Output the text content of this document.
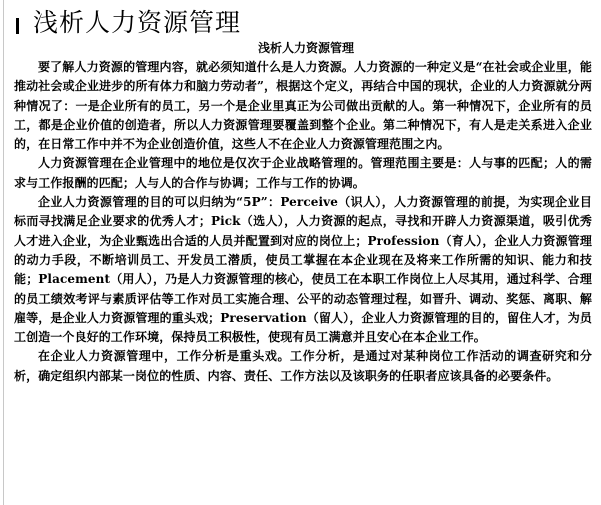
浅析人力资源管理
浅析人力资源管理

要了解人力资源的管理内容，就必须知道什么是人力资源。人力资源的一种定义是“在社会或企业里，能推动社会或企业进步的所有体力和脑力劳动者”，根据这个定义，再结合中国的现状，企业的人力资源就分两种情况了：一是企业所有的员工，另一个是企业里真正为公司做出贡献的人。第一种情况下，企业所有的员工，都是企业价值的创造者，所以人力资源管理要覆盖到整个企业。第二种情况下，有人是走关系进入企业的，在日常工作中并不为企业创造价值，这些人不在企业人力资源管理范围之内。

人力资源管理在企业管理中的地位是仅次于企业战略管理的。管理范围主要是：人与事的匹配；人的需求与工作报酬的匹配；人与人的合作与协调；工作与工作的协调。

企业人力资源管理的目的可以归纳为“5P”：Perceive（识人），人力资源管理的前提，为实现企业目标而寻找满足企业要求的优秀人才；Pick（选人），人力资源的起点，寻找和开辟人力资源渠道，吸引优秀人才进入企业，为企业甄选出合适的人员并配置到对应的岗位上；Profession（育人），企业人力资源管理的动力手段，不断培训员工、开发员工潜质，使员工掌握在本企业现在及将来工作所需的知识、能力和技能；Placement（用人），乃是人力资源管理的核心，使员工在本职工作岗位上人尽其用，通过科学、合理的员工绩效考评与素质评估等工作对员工实施合理、公平的动态管理过程，如晋升、调动、奖惩、离职、解雇等，是企业人力资源管理的重头戏；Preservation（留人），企业人力资源管理的目的，留住人才，为员工创造一个良好的工作环境，保持员工积极性，使现有员工满意并且安心在本企业工作。

在企业人力资源管理中，工作分析是重头戏。工作分析，是通过对某种岗位工作活动的调查研究和分析，确定组织内部某一岗位的性质、内容、责任、工作方法以及该职务的任职者应该具备的必要条件。
